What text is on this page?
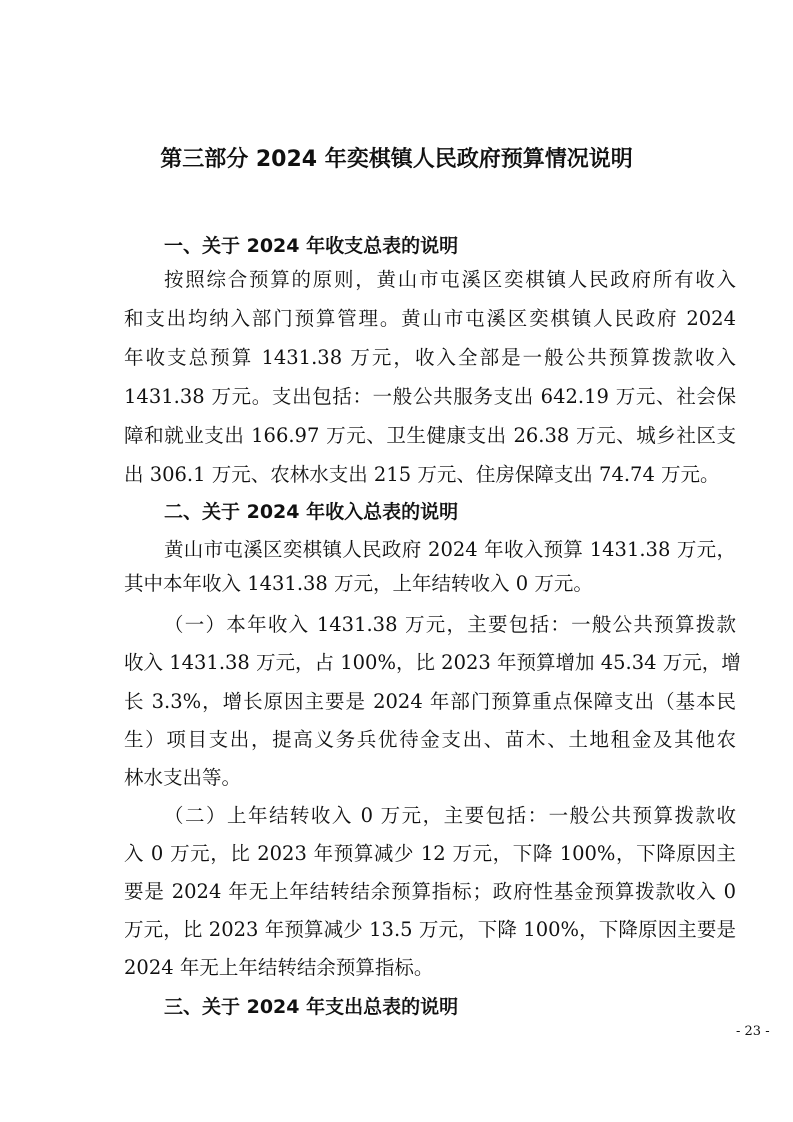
第三部分 2024 年奕棋镇人民政府预算情况说明
一、关于 2024 年收支总表的说明
按照综合预算的原则，黄山市屯溪区奕棋镇人民政府所有收入
和支出均纳入部门预算管理。黄山市屯溪区奕棋镇人民政府 2024
年收支总预算 1431.38 万元，收入全部是一般公共预算拨款收入
1431.38 万元。支出包括：一般公共服务支出 642.19 万元、社会保
障和就业支出 166.97 万元、卫生健康支出 26.38 万元、城乡社区支
出 306.1 万元、农林水支出 215 万元、住房保障支出 74.74 万元。
二、关于 2024 年收入总表的说明
黄山市屯溪区奕棋镇人民政府 2024 年收入预算 1431.38 万元，
其中本年收入 1431.38 万元，上年结转收入 0 万元。
（一）本年收入 1431.38 万元，主要包括：一般公共预算拨款
收入 1431.38 万元，占 100%，比 2023 年预算增加 45.34 万元，增
长 3.3%，增长原因主要是 2024 年部门预算重点保障支出（基本民
生）项目支出，提高义务兵优待金支出、苗木、土地租金及其他农
林水支出等。
（二）上年结转收入 0 万元，主要包括：一般公共预算拨款收
入 0 万元，比 2023 年预算减少 12 万元，下降 100%，下降原因主
要是 2024 年无上年结转结余预算指标；政府性基金预算拨款收入 0
万元，比 2023 年预算减少 13.5 万元，下降 100%，下降原因主要是
2024 年无上年结转结余预算指标。
三、关于 2024 年支出总表的说明
- 23 -
